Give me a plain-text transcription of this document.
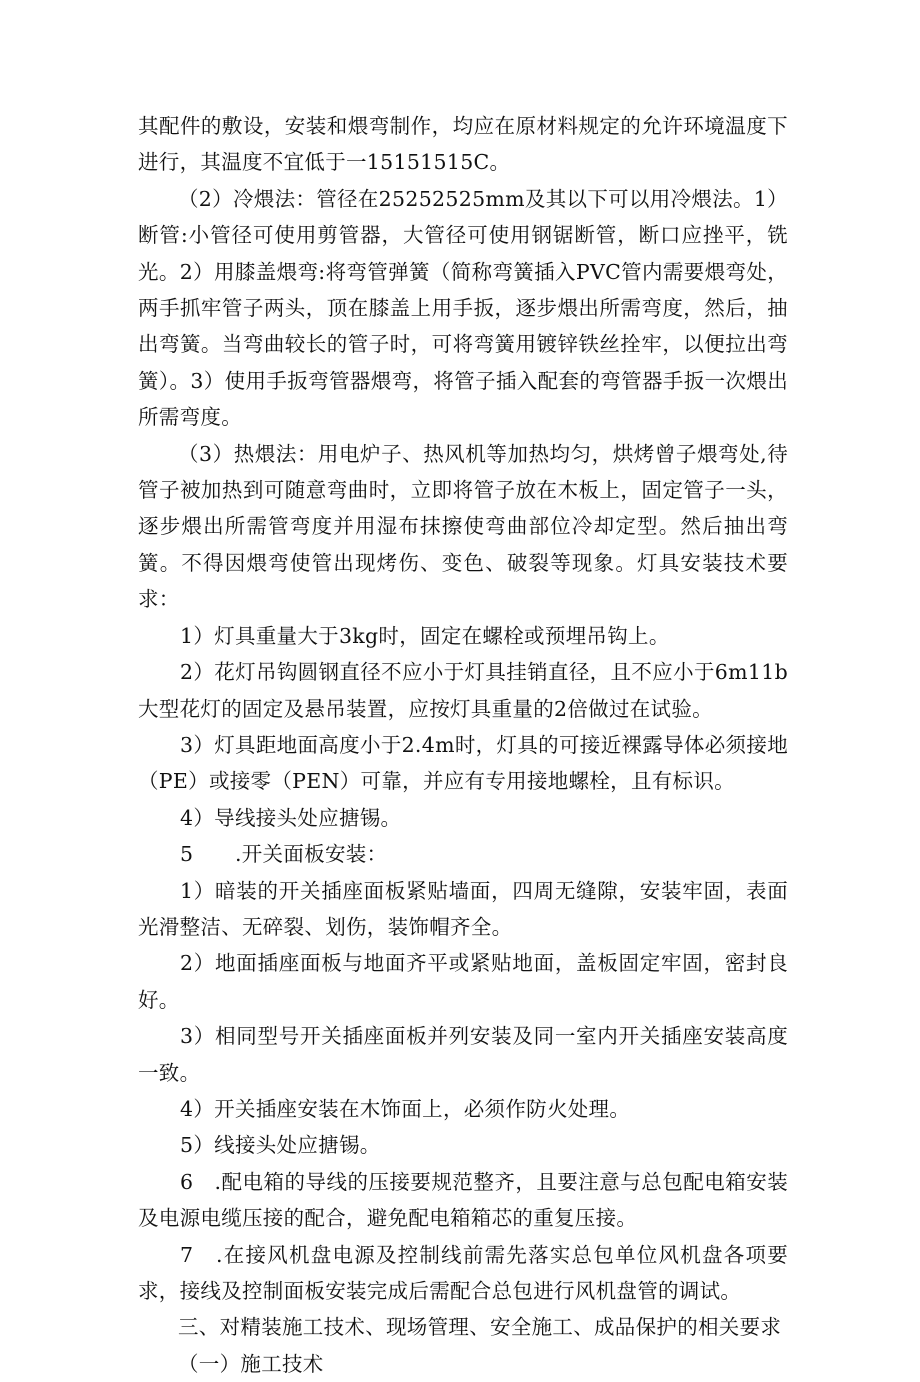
其配件的敷设，安装和煨弯制作，均应在原材料规定的允许环境温度下进行，其温度不宜低于一15151515C。

（2）冷煨法：管径在25252525mm及其以下可以用冷煨法。1）断管:小管径可使用剪管器，大管径可使用钢锯断管，断口应挫平，铣光。2）用膝盖煨弯:将弯管弹簧（简称弯簧插入PVC管内需要煨弯处，两手抓牢管子两头，顶在膝盖上用手扳，逐步煨出所需弯度，然后，抽出弯簧。当弯曲较长的管子时，可将弯簧用镀锌铁丝拴牢，以便拉出弯簧）。3）使用手扳弯管器煨弯，将管子插入配套的弯管器手扳一次煨出所需弯度。

（3）热煨法：用电炉子、热风机等加热均匀，烘烤曾子煨弯处,待管子被加热到可随意弯曲时，立即将管子放在木板上，固定管子一头，逐步煨出所需管弯度并用湿布抹擦使弯曲部位冷却定型。然后抽出弯簧。不得因煨弯使管出现烤伤、变色、破裂等现象。灯具安装技术要求：

1）灯具重量大于3kg时，固定在螺栓或预埋吊钩上。

2）花灯吊钩圆钢直径不应小于灯具挂销直径，且不应小于6m11b大型花灯的固定及悬吊装置，应按灯具重量的2倍做过在试验。

3）灯具距地面高度小于2.4m时，灯具的可接近裸露导体必须接地（PE）或接零（PEN）可靠，并应有专用接地螺栓，且有标识。

4）导线接头处应搪锡。

5　　.开关面板安装：

1）暗装的开关插座面板紧贴墙面，四周无缝隙，安装牢固，表面光滑整洁、无碎裂、划伤，装饰帽齐全。

2）地面插座面板与地面齐平或紧贴地面，盖板固定牢固，密封良好。

3）相同型号开关插座面板并列安装及同一室内开关插座安装高度一致。

4）开关插座安装在木饰面上，必须作防火处理。

5）线接头处应搪锡。

6　.配电箱的导线的压接要规范整齐，且要注意与总包配电箱安装及电源电缆压接的配合，避免配电箱箱芯的重复压接。

7　.在接风机盘电源及控制线前需先落实总包单位风机盘各项要求，接线及控制面板安装完成后需配合总包进行风机盘管的调试。

三、对精装施工技术、现场管理、安全施工、成品保护的相关要求

（一）施工技术
